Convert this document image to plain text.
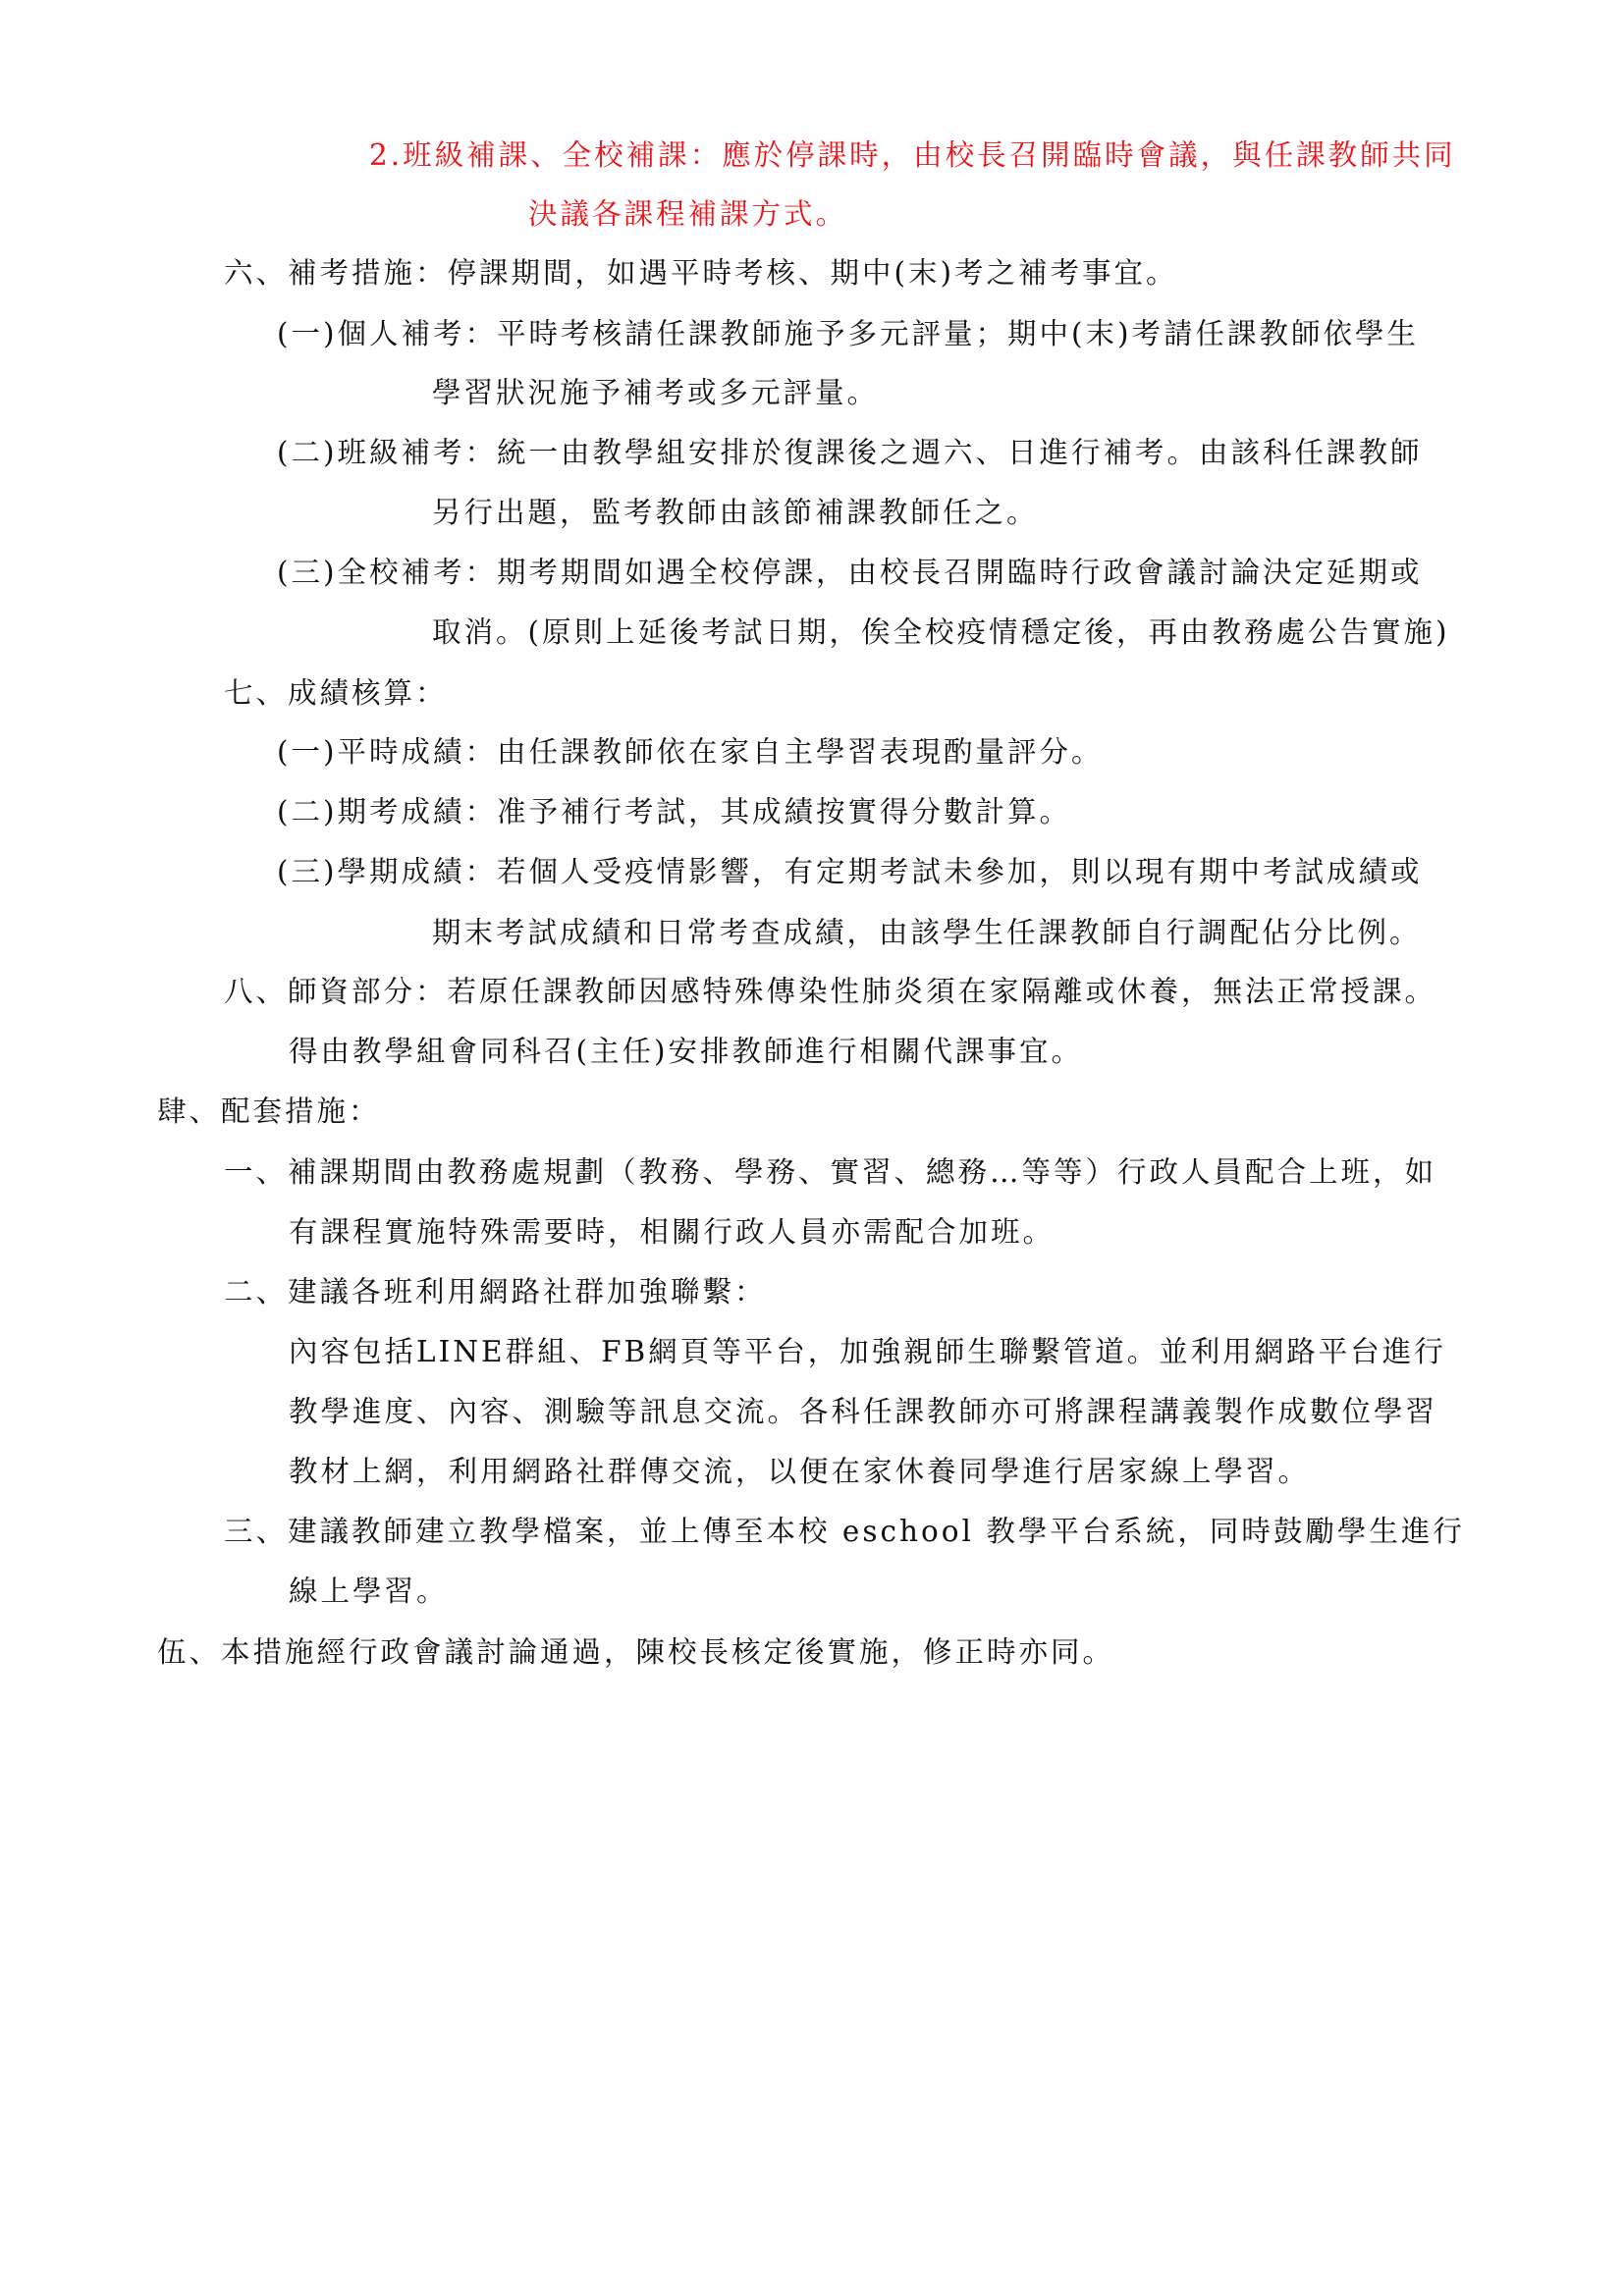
2.班級補課、全校補課：應於停課時，由校長召開臨時會議，與任課教師共同
決議各課程補課方式。
六、補考措施：停課期間，如遇平時考核、期中(末)考之補考事宜。
(一)個人補考：平時考核請任課教師施予多元評量；期中(末)考請任課教師依學生
學習狀況施予補考或多元評量。
(二)班級補考：統一由教學組安排於復課後之週六、日進行補考。由該科任課教師
另行出題，監考教師由該節補課教師任之。
(三)全校補考：期考期間如遇全校停課，由校長召開臨時行政會議討論決定延期或
取消。(原則上延後考試日期，俟全校疫情穩定後，再由教務處公告實施)
七、成績核算：
(一)平時成績：由任課教師依在家自主學習表現酌量評分。
(二)期考成績：准予補行考試，其成績按實得分數計算。
(三)學期成績：若個人受疫情影響，有定期考試未參加，則以現有期中考試成績或
期末考試成績和日常考查成績，由該學生任課教師自行調配佔分比例。
八、師資部分：若原任課教師因感特殊傳染性肺炎須在家隔離或休養，無法正常授課。
得由教學組會同科召(主任)安排教師進行相關代課事宜。
肆、配套措施：
一、補課期間由教務處規劃（教務、學務、實習、總務…等等）行政人員配合上班，如
有課程實施特殊需要時，相關行政人員亦需配合加班。
二、建議各班利用網路社群加強聯繫：
內容包括LINE群組、FB網頁等平台，加強親師生聯繫管道。並利用網路平台進行
教學進度、內容、測驗等訊息交流。各科任課教師亦可將課程講義製作成數位學習
教材上網，利用網路社群傳交流，以便在家休養同學進行居家線上學習。
三、建議教師建立教學檔案，並上傳至本校 eschool 教學平台系統，同時鼓勵學生進行
線上學習。
伍、本措施經行政會議討論通過，陳校長核定後實施，修正時亦同。
